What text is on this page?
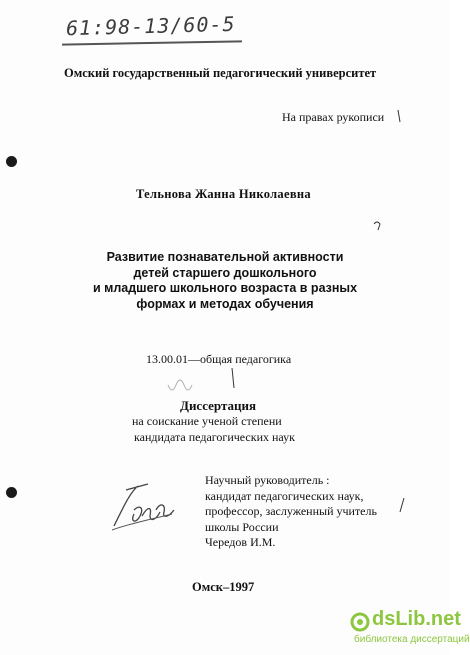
61:98-13/60-5
Омский государственный педагогический университет
На правах рукописи
Тельнова Жанна Николаевна
Развитие познавательной активности
детей старшего дошкольного
и младшего школьного возраста в разных
формах и методах обучения
13.00.01—общая педагогика
Диссертация
на соискание ученой степени
кандидата педагогических наук
Научный руководитель :
кандидат педагогических наук,
профессор, заслуженный учитель
школы России
Чередов И.М.
Омск–1997
dsLib.net
библиотека диссертаций
